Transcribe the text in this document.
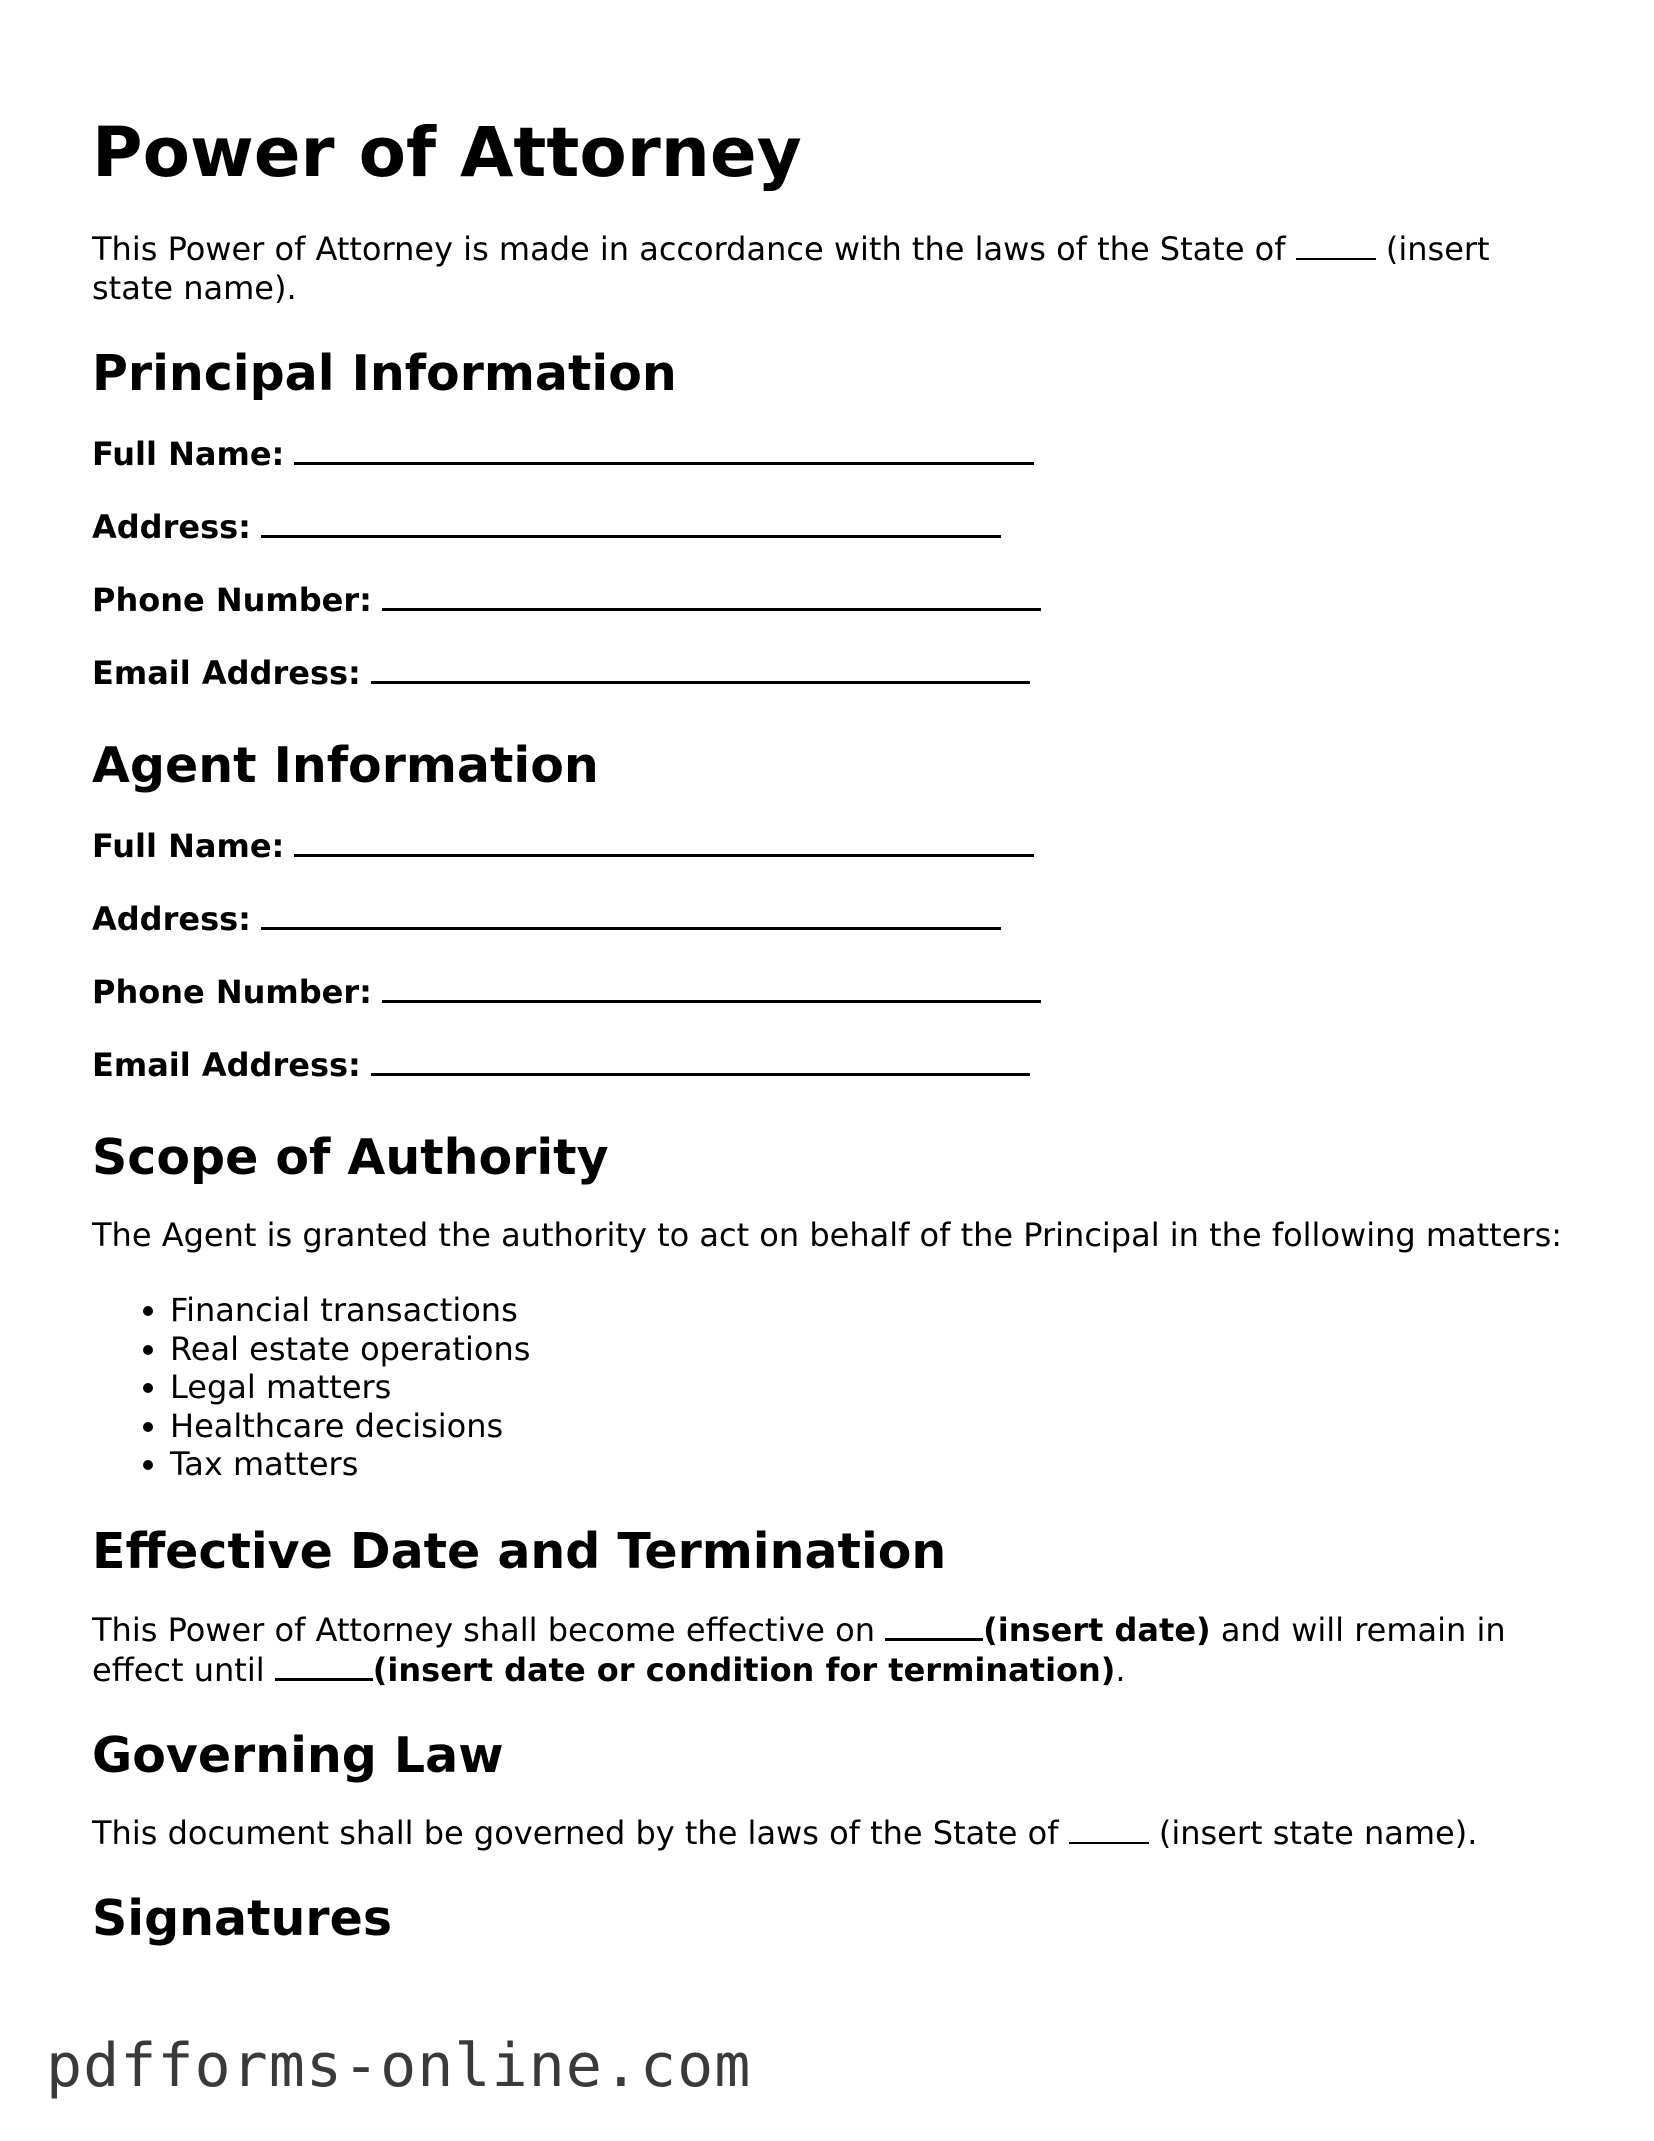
Power of Attorney

This Power of Attorney is made in accordance with the laws of the State of	(insert state name).

Principal Information
Full Name:
Address:
Phone Number:
Email Address:
Agent Information
Full Name:
Address:
Phone Number:
Email Address:
Scope of Authority

The Agent is granted the authority to act on behalf of the Principal in the following matters:

• Financial transactions
• Real estate operations
• Legal matters
• Healthcare decisions
• Tax matters
Effective Date and Termination

This Power of Attorney shall become effective on	(insert date) and will remain in effect until	(insert date or condition for termination).

Governing Law

This document shall be governed by the laws of the State of	(insert state name).

Signatures
pdfforms-online.com
